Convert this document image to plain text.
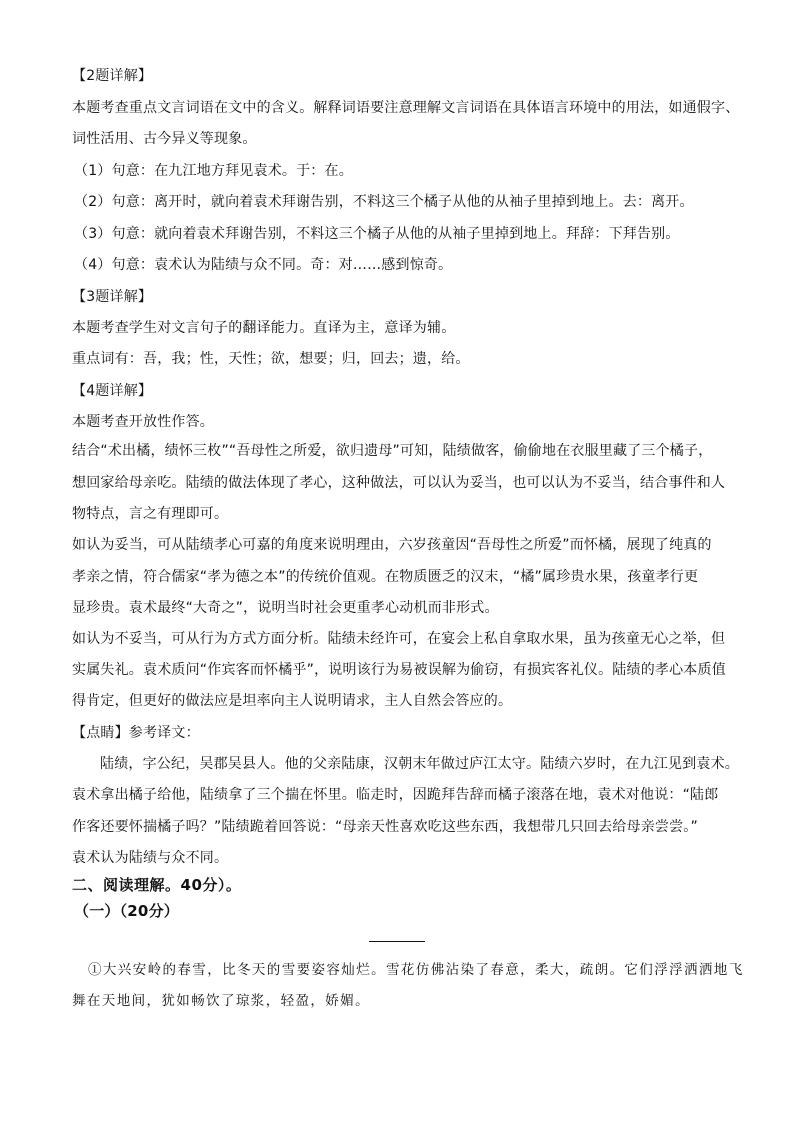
【2题详解】
本题考查重点文言词语在文中的含义。解释词语要注意理解文言词语在具体语言环境中的用法，如通假字、
词性活用、古今异义等现象。
（1）句意：在九江地方拜见袁术。于：在。
（2）句意：离开时，就向着袁术拜谢告别，不料这三个橘子从他的从袖子里掉到地上。去：离开。
（3）句意：就向着袁术拜谢告别，不料这三个橘子从他的从袖子里掉到地上。拜辞：下拜告别。
（4）句意：袁术认为陆绩与众不同。奇：对……感到惊奇。
【3题详解】
本题考查学生对文言句子的翻译能力。直译为主，意译为辅。
重点词有：吾，我；性，天性；欲，想要；归，回去；遗，给。
【4题详解】
本题考查开放性作答。
结合“术出橘，绩怀三枚”“吾母性之所爱，欲归遗母”可知，陆绩做客，偷偷地在衣服里藏了三个橘子，
想回家给母亲吃。陆绩的做法体现了孝心，这种做法，可以认为妥当，也可以认为不妥当，结合事件和人
物特点，言之有理即可。
如认为妥当，可从陆绩孝心可嘉的角度来说明理由，六岁孩童因“吾母性之所爱”而怀橘，展现了纯真的
孝亲之情，符合儒家“孝为德之本”的传统价值观。在物质匮乏的汉末，“橘”属珍贵水果，孩童孝行更
显珍贵。袁术最终“大奇之”，说明当时社会更重孝心动机而非形式。
如认为不妥当，可从行为方式方面分析。陆绩未经许可，在宴会上私自拿取水果，虽为孩童无心之举，但
实属失礼。袁术质问“作宾客而怀橘乎”，说明该行为易被误解为偷窃，有损宾客礼仪。陆绩的孝心本质值
得肯定，但更好的做法应是坦率向主人说明请求，主人自然会答应的。
【点睛】参考译文：
陆绩，字公纪，吴郡吴县人。他的父亲陆康，汉朝末年做过庐江太守。陆绩六岁时，在九江见到袁术。
袁术拿出橘子给他，陆绩拿了三个揣在怀里。临走时，因跪拜告辞而橘子滚落在地，袁术对他说：“陆郎
作客还要怀揣橘子吗？”陆绩跪着回答说：“母亲天性喜欢吃这些东西，我想带几只回去给母亲尝尝。”
袁术认为陆绩与众不同。
二、阅读理解。40分）。
（一）（20分）
①大兴安岭的春雪，比冬天的雪要姿容灿烂。雪花仿佛沾染了春意，柔大，疏朗。它们浮浮洒洒地飞
舞在天地间，犹如畅饮了琼浆，轻盈，娇媚。
